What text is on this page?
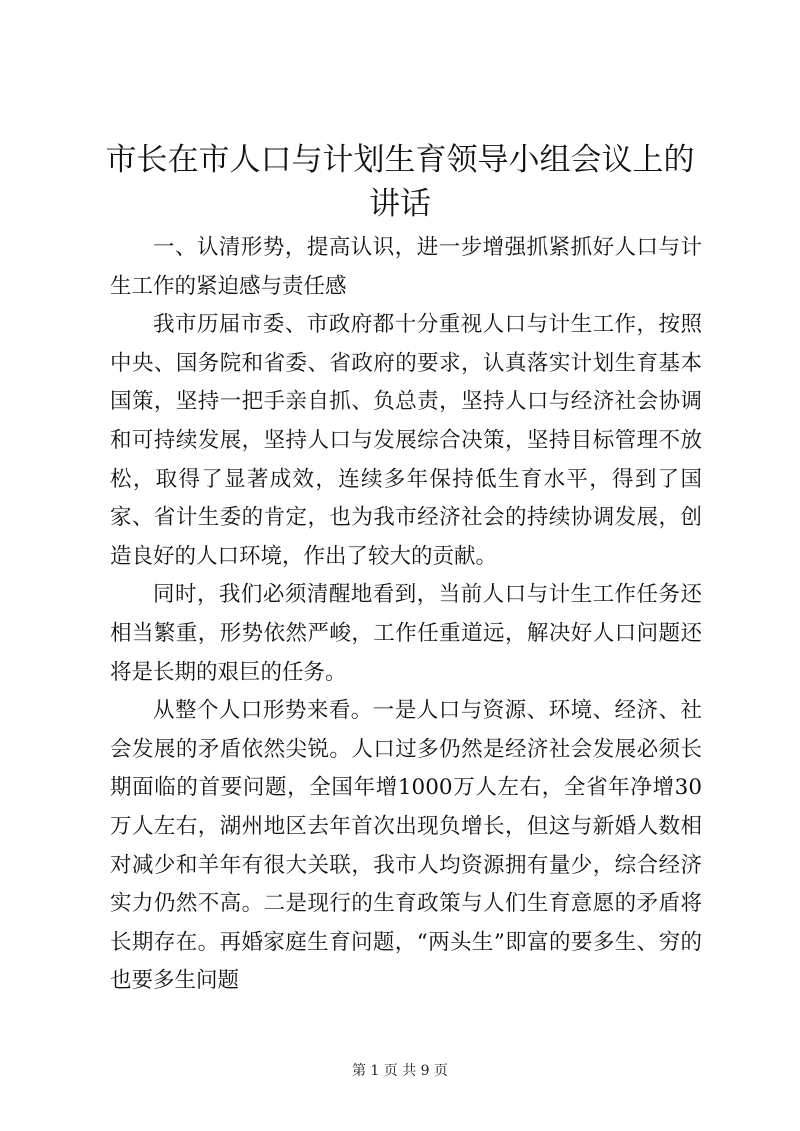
市长在市人口与计划生育领导小组会议上的讲话

一、认清形势，提高认识，进一步增强抓紧抓好人口与计生工作的紧迫感与责任感

我市历届市委、市政府都十分重视人口与计生工作，按照中央、国务院和省委、省政府的要求，认真落实计划生育基本国策，坚持一把手亲自抓、负总责，坚持人口与经济社会协调和可持续发展，坚持人口与发展综合决策，坚持目标管理不放松，取得了显著成效，连续多年保持低生育水平，得到了国家、省计生委的肯定，也为我市经济社会的持续协调发展，创造良好的人口环境，作出了较大的贡献。

同时，我们必须清醒地看到，当前人口与计生工作任务还相当繁重，形势依然严峻，工作任重道远，解决好人口问题还将是长期的艰巨的任务。

从整个人口形势来看。一是人口与资源、环境、经济、社会发展的矛盾依然尖锐。人口过多仍然是经济社会发展必须长期面临的首要问题，全国年增1000万人左右，全省年净增30万人左右，湖州地区去年首次出现负增长，但这与新婚人数相对减少和羊年有很大关联，我市人均资源拥有量少，综合经济实力仍然不高。二是现行的生育政策与人们生育意愿的矛盾将长期存在。再婚家庭生育问题，“两头生”即富的要多生、穷的也要多生问题

第 1 页 共 9 页
